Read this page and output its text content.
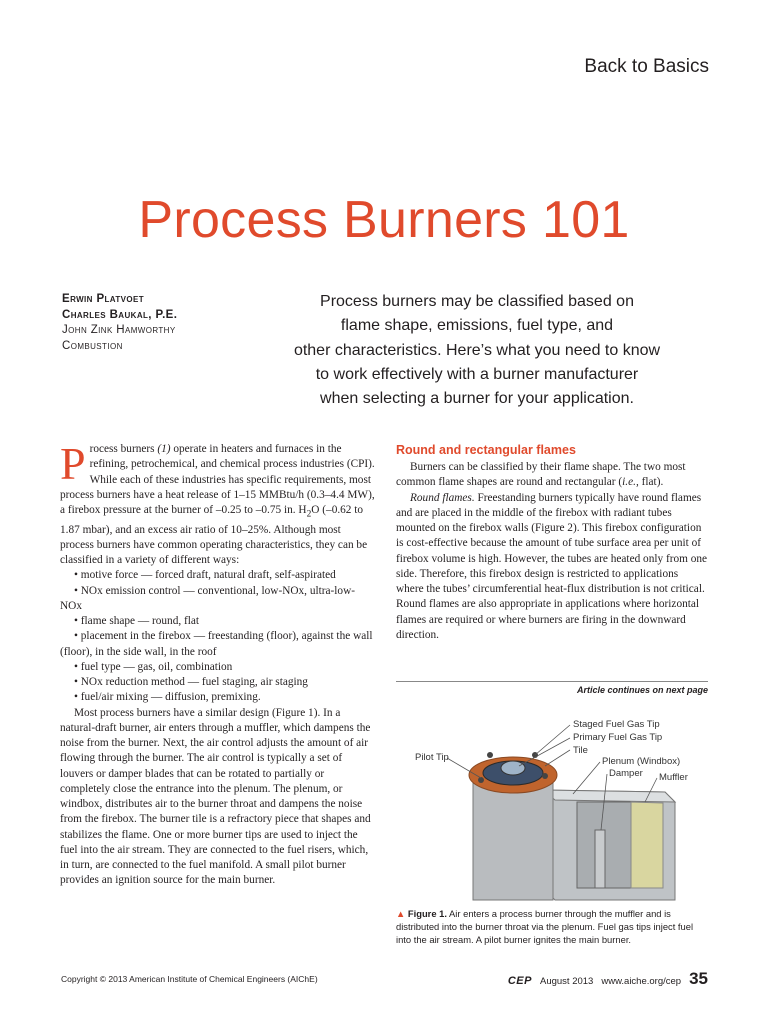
Back to Basics
Process Burners 101
Erwin Platvoet
Charles Baukal, P.E.
John Zink Hamworthy
Combustion
Process burners may be classified based on
flame shape, emissions, fuel type, and
other characteristics. Here’s what you need to know
to work effectively with a burner manufacturer
when selecting a burner for your application.

Process burners (1) operate in heaters and furnaces in the refining, petrochemical, and chemical process industries (CPI). While each of these industries has specific requirements, most process burners have a heat release of 1–15 MMBtu/h (0.3–4.4 MW), a firebox pressure at the burner of –0.25 to –0.75 in. $H_2O$ (–0.62 to 1.87 mbar), and an excess air ratio of 10–25%. Although most process burners have common operating characteristics, they can be classified in a variety of different ways:

• motive force — forced draft, natural draft, self-aspirated

• NOx emission control — conventional, low-NOx, ultra-low-NOx

• flame shape — round, flat

• placement in the firebox — freestanding (floor), against the wall (floor), in the side wall, in the roof

• fuel type — gas, oil, combination

• NOx reduction method — fuel staging, air staging

• fuel/air mixing — diffusion, premixing.

Most process burners have a similar design (Figure 1). In a natural-draft burner, air enters through a muffler, which dampens the noise from the burner. Next, the air control adjusts the amount of air flowing through the burner. The air control is typically a set of louvers or damper blades that can be rotated to partially or completely close the entrance into the plenum. The plenum, or windbox, distributes air to the burner throat and dampens the noise from the firebox. The burner tile is a refractory piece that shapes and stabilizes the flame. One or more burner tips are used to inject the fuel into the air stream. They are connected to the fuel risers, which, in turn, are connected to the fuel manifold. A small pilot burner provides an ignition source for the main burner.

Round and rectangular flames

Burners can be classified by their flame shape. The two most common flame shapes are round and rectangular (i.e., flat).

Round flames. Freestanding burners typically have round flames and are placed in the middle of the firebox with radiant tubes mounted on the firebox walls (Figure 2). This firebox configuration is cost-effective because the amount of tube surface area per unit of firebox volume is high. However, the tubes are heated only from one side. Therefore, this firebox design is restricted to applications where the tubes’ circumferential heat-flux distribution is not critical. Round flames are also appropriate in applications where horizontal flames are required or where burners are firing in the downward direction.

Article continues on next page
Staged Fuel Gas Tip
Primary Fuel Gas Tip
Tile
Plenum (Windbox)
Damper Muffler
Pilot Tip
▲ Figure 1. Air enters a process burner through the muffler and is distributed into the burner throat via the plenum. Fuel gas tips inject fuel into the air stream. A pilot burner ignites the main burner.
Copyright © 2013 American Institute of Chemical Engineers (AIChE)	CEP August 2013 www.aiche.org/cep 35
